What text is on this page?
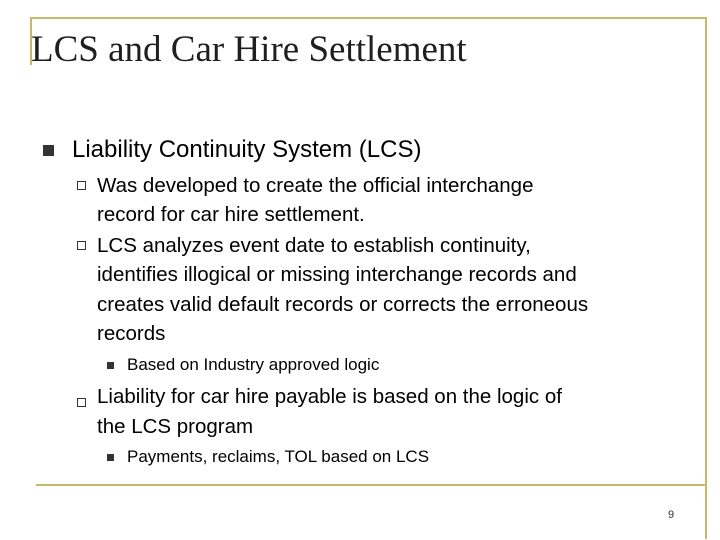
LCS and Car Hire Settlement
Liability Continuity System (LCS)
Was developed to create the official interchange
record for car hire settlement.
LCS analyzes event date to establish continuity,
identifies illogical or missing interchange records and
creates valid default records or corrects the erroneous
records
Based on Industry approved logic
Liability for car hire payable is based on the logic of
the LCS program
Payments, reclaims, TOL based on LCS
9
